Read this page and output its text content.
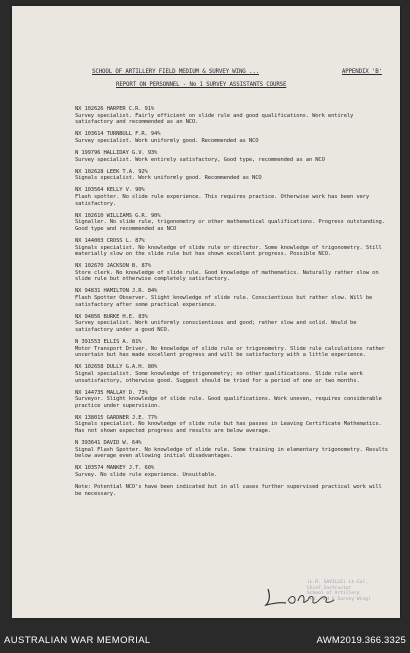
SCHOOL OF ARTILLERY FIELD MEDIUM & SURVEY WING ...	APPENDIX 'B'
REPORT ON PERSONNEL - No 1 SURVEY ASSISTANTS COURSE
NX 102626 HARPER C.R. 91%
Survey specialist. Fairly efficient on slide rule and good qualifications. Work entirely satisfactory and recommended as an NCO.
NX 103614 TURNBULL F.R. 94%
Survey specialist. Work uniformly good. Recommended as NCO
N 199796 HALLIDAY G.V. 93%
Survey specialist. Work entirely satisfactory, Good type, recommended as an NCO
NX 102628 LEEK T.A. 92%
Signals specialist. Work uniformly good. Recommended as NCO
NX 103564 KELLY V. 90%
Flash spotter. No slide rule experience. This requires practice. Otherwise work has been very satisfactory.
NX 102610 WILLIAMS G.R. 90%
Signaller. No slide rule, trigonometry or other mathematical qualifications. Progress outstanding. Good type and recommended as NCO
NX 144003 CROSS L. 87%
Signals specialist. No knowledge of slide rule or director. Some knowledge of trigonometry. Still materially slow on the slide rule but has shown excellent progress. Possible NCO.
NX 102670 JACKSON B. 87%
Store clerk. No knowledge of slide rule. Good knowledge of mathematics. Naturally rather slow on slide rule but otherwise completely satisfactory.
NX 94831 HAMILTON J.R. 84%
Flash Spotter Observer. Slight knowledge of slide rule. Conscientious but rather slow. Will be satisfactory after some practical experience.
NX 94856 BURKE H.E. 83%
Survey specialist. Work uniformly conscientious and good; rather slow and solid. Would be satisfactory under a good NCO.
N 391553 ELLIS A. 81%
Motor Transport Driver. No knowledge of slide rule or trigonometry. Slide rule calculations rather uncertain but has made excellent progress and will be satisfactory with a little experience.
NX 102658 DULLY G.A.H. 80%
Signal specialist. Some knowledge of trigonometry; no other qualifications. Slide rule work unsatisfactory, otherwise good. Suggest should be tried for a period of one or two months.
NX 144735 MALLAY D. 73%
Surveyor. Slight knowledge of slide rule. Good qualifications. Work uneven, requires considerable practice under supervision.
NX 138015 GARDNER J.E. 77%
Signals specialist. No knowledge of slide rule but has passes in Leaving Certificate Mathematics. Has not shown expected progress and results are below average.
N 393641 DAVID W. 64%
Signal Flash Spotter. No knowledge of slide rule. Some training in elementary trigonometry. Results below average even allowing initial disadvantages.
NX 103574 MANKEY J.T. 60%
Survey. No slide rule experience. Unsuitable.
Note: Potential NCO's have been indicated but in all cases further supervised practical work will be necessary.
(L.R. SAVILLE) Lt-Col.
Chief Instructor
School of Artillery
(Fd. Med & Survey Wing)
AUSTRALIAN WAR MEMORIAL	AWM2019.366.3325
